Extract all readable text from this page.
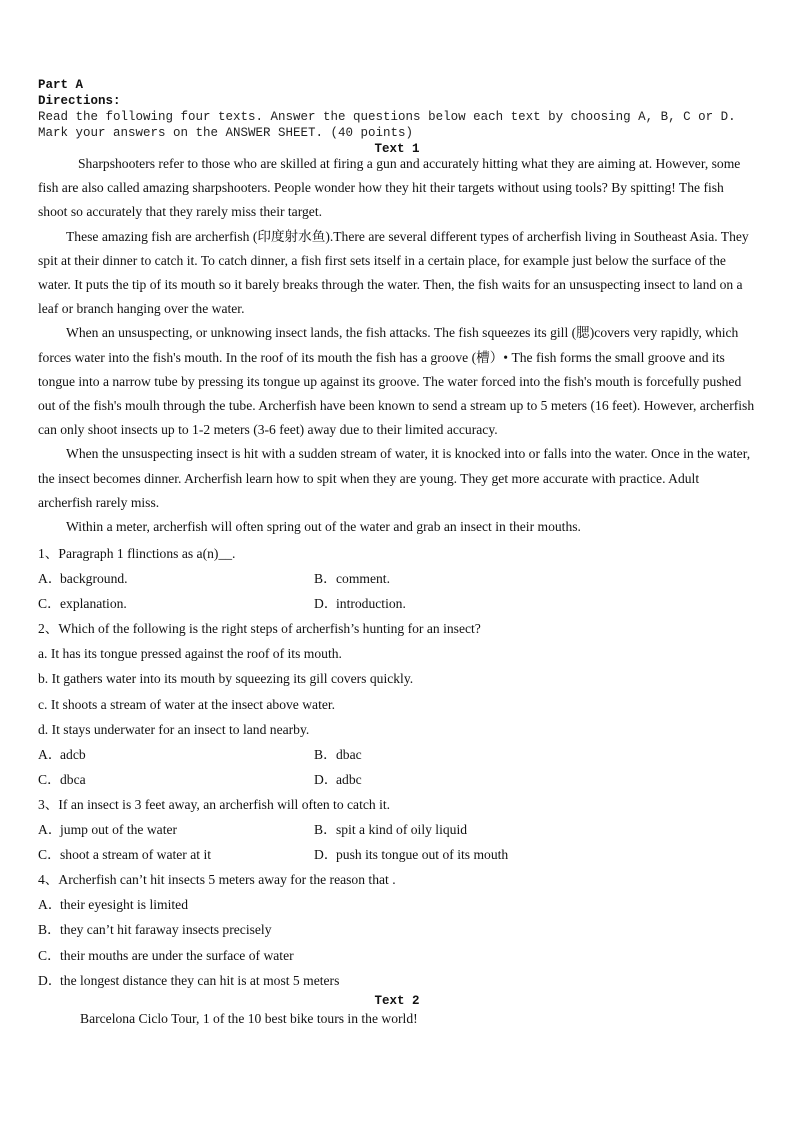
Part A
Directions:
Read the following four texts. Answer the questions below each text by choosing A, B, C or D. Mark your answers on the ANSWER SHEET. (40 points)
Text 1

Sharpshooters refer to those who are skilled at firing a gun and accurately hitting what they are aiming at. However, some fish are also called amazing sharpshooters. People wonder how they hit their targets without using tools? By spitting! The fish shoot so accurately that they rarely miss their target.

These amazing fish are archerfish (印度射水鱼).There are several different types of archerfish living in Southeast Asia. They spit at their dinner to catch it. To catch dinner, a fish first sets itself in a certain place, for example just below the surface of the water. It puts the tip of its mouth so it barely breaks through the water. Then, the fish waits for an unsuspecting insect to land on a leaf or branch hanging over the water.

When an unsuspecting, or unknowing insect lands, the fish attacks. The fish squeezes its gill (腮)covers very rapidly, which forces water into the fish's mouth. In the roof of its mouth the fish has a groove (槽）• The fish forms the small groove and its tongue into a narrow tube by pressing its tongue up against its groove. The water forced into the fish's mouth is forcefully pushed out of the fish's moulh through the tube. Archerfish have been known to send a stream up to 5 meters (16 feet). However, archerfish can only shoot insects up to 1-2 meters (3-6 feet) away due to their limited accuracy.

When the unsuspecting insect is hit with a sudden stream of water, it is knocked into or falls into the water. Once in the water, the insect becomes dinner. Archerfish learn how to spit when they are young. They get more accurate with practice. Adult archerfish rarely miss.

Within a meter, archerfish will often spring out of the water and grab an insect in their mouths.

1、Paragraph 1 flinctions as a(n)__.
A．background.	B．comment.
C．explanation.	D．introduction.
2、Which of the following is the right steps of archerfish’s hunting for an insect?
a. It has its tongue pressed against the roof of its mouth.
b. It gathers water into its mouth by squeezing its gill covers quickly.
c. It shoots a stream of water at the insect above water.
d. It stays underwater for an insect to land nearby.
A．adcb	B．dbac
C．dbca	D．adbc
3、If an insect is 3 feet away, an archerfish will often to catch it.
A．jump out of the water	B．spit a kind of oily liquid
C．shoot a stream of water at it	D．push its tongue out of its mouth
4、Archerfish can’t hit insects 5 meters away for the reason that .
A．their eyesight is limited
B．they can’t hit faraway insects precisely
C．their mouths are under the surface of water
D．the longest distance they can hit is at most 5 meters
Text 2
Barcelona Ciclo Tour, 1 of the 10 best bike tours in the world!
